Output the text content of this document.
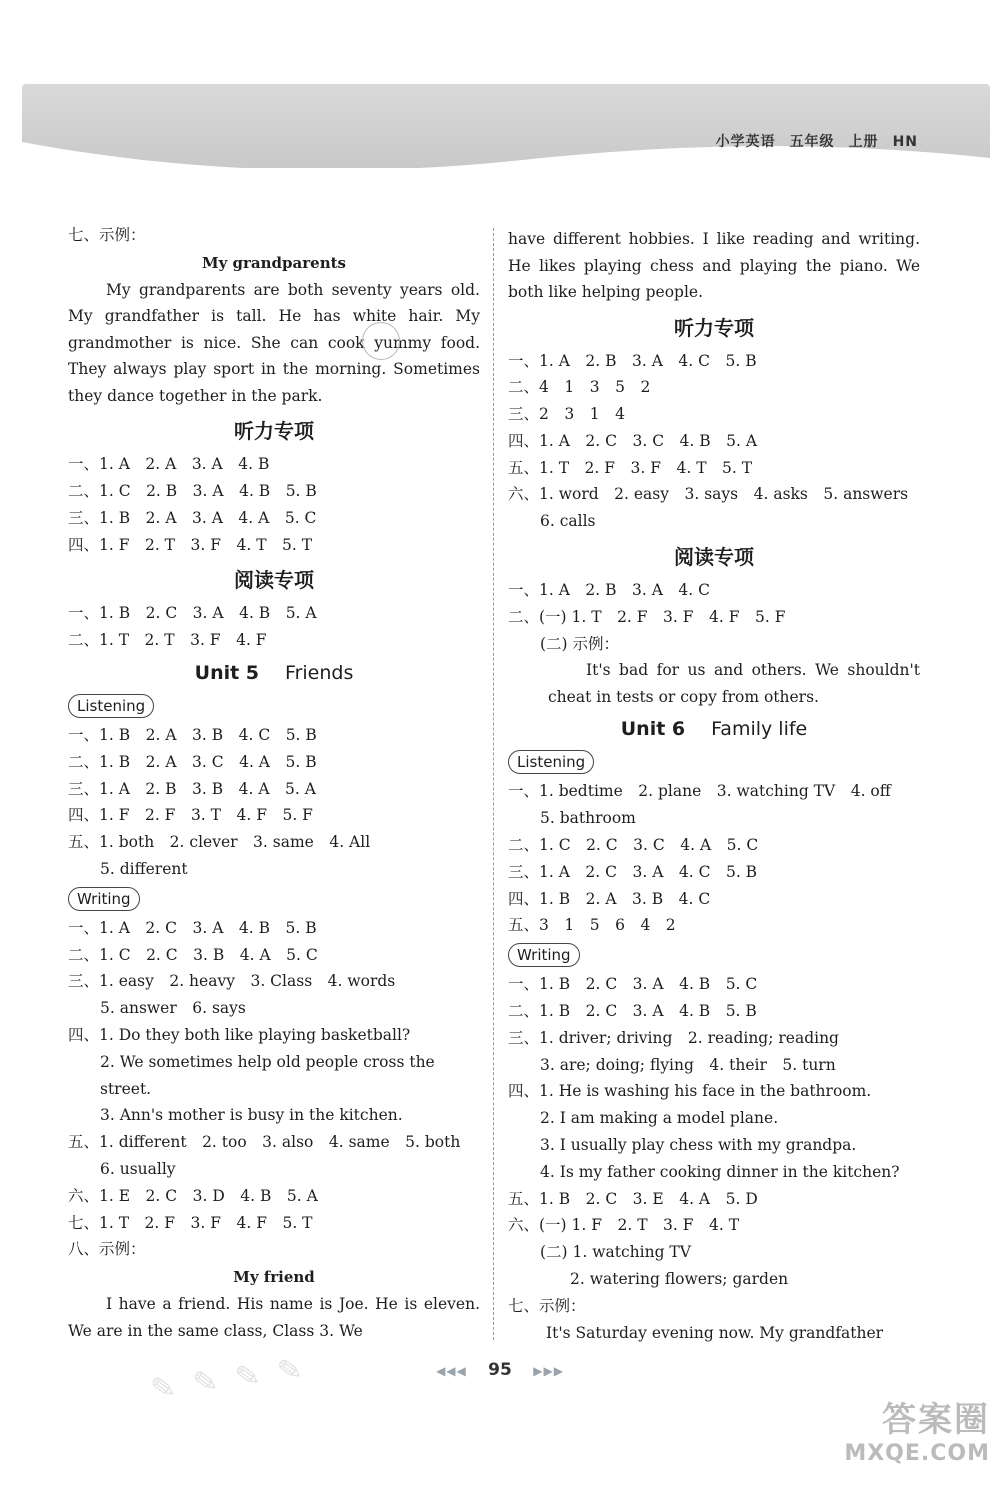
小学英语 五年级 上册 HN
七、示例：
My grandparents
My grandparents are both seventy years old. My grandfather is tall. He has white hair. My grandmother is nice. She can cook yummy food. They always play sport in the morning. Sometimes they dance together in the park.
听力专项
一、1. A　2. A　3. A　4. B
二、1. C　2. B　3. A　4. B　5. B
三、1. B　2. A　3. A　4. A　5. C
四、1. F　2. T　3. F　4. T　5. T
阅读专项
一、1. B　2. C　3. A　4. B　5. A
二、1. T　2. T　3. F　4. F
Unit 5 Friends
Listening
一、1. B　2. A　3. B　4. C　5. B
二、1. B　2. A　3. C　4. A　5. B
三、1. A　2. B　3. B　4. A　5. A
四、1. F　2. F　3. T　4. F　5. F
五、1. both　2. clever　3. same　4. All
5. different
Writing
一、1. A　2. C　3. A　4. B　5. B
二、1. C　2. C　3. B　4. A　5. C
三、1. easy　2. heavy　3. Class　4. words
5. answer　6. says
四、1. Do they both like playing basketball?
2. We sometimes help old people cross the
street.
3. Ann's mother is busy in the kitchen.
五、1. different　2. too　3. also　4. same　5. both
6. usually
六、1. E　2. C　3. D　4. B　5. A
七、1. T　2. F　3. F　4. F　5. T
八、示例：
My friend
I have a friend. His name is Joe. He is eleven. We are in the same class, Class 3. We
have different hobbies. I like reading and writing. He likes playing chess and playing the piano. We both like helping people.
听力专项
一、1. A　2. B　3. A　4. C　5. B
二、4　1　3　5　2
三、2　3　1　4
四、1. A　2. C　3. C　4. B　5. A
五、1. T　2. F　3. F　4. T　5. T
六、1. word　2. easy　3. says　4. asks　5. answers
6. calls
阅读专项
一、1. A　2. B　3. A　4. C
二、(一) 1. T　2. F　3. F　4. F　5. F
(二) 示例：
It's bad for us and others. We shouldn't cheat in tests or copy from others.
Unit 6 Family life
Listening
一、1. bedtime　2. plane　3. watching TV　4. off
5. bathroom
二、1. C　2. C　3. C　4. A　5. C
三、1. A　2. C　3. A　4. C　5. B
四、1. B　2. A　3. B　4. C
五、3　1　5　6　4　2
Writing
一、1. B　2. C　3. A　4. B　5. C
二、1. B　2. C　3. A　4. B　5. B
三、1. driver; driving　2. reading; reading
3. are; doing; flying　4. their　5. turn
四、1. He is washing his face in the bathroom.
2. I am making a model plane.
3. I usually play chess with my grandpa.
4. Is my father cooking dinner in the kitchen?
五、1. B　2. C　3. E　4. A　5. D
六、(一) 1. F　2. T　3. F　4. T
(二) 1. watching TV
2. watering flowers; garden
七、示例：
It's Saturday evening now. My grandfather
✎ ✎ ✎ ✎	◀◀◀ 95 ▶▶▶
答案圈
MXQE.COM
